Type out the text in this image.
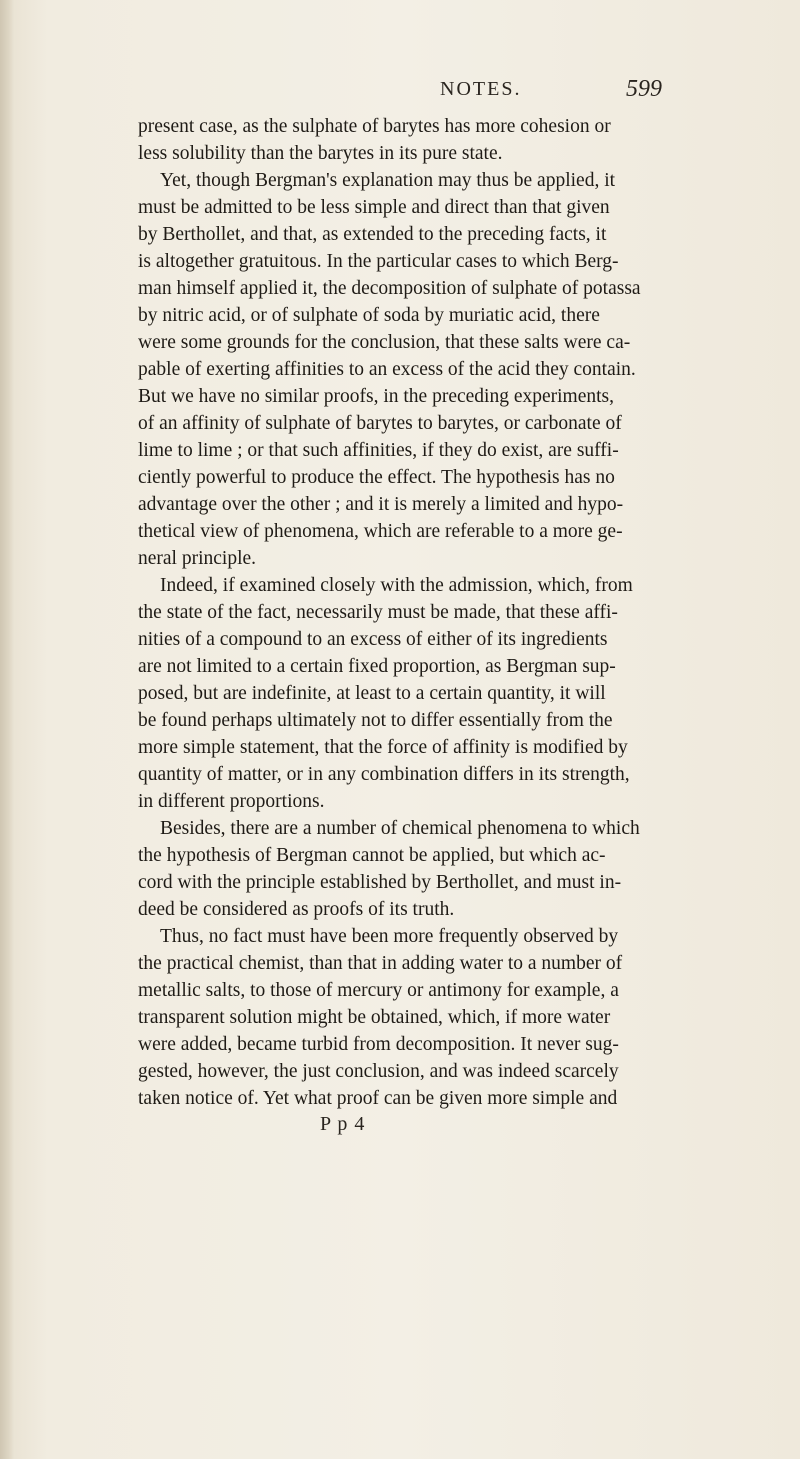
NOTES.	599
present case, as the sulphate of barytes has more cohesion or
less solubility than the barytes in its pure state.
Yet, though Bergman's explanation may thus be applied, it
must be admitted to be less simple and direct than that given
by Berthollet, and that, as extended to the preceding facts, it
is altogether gratuitous. In the particular cases to which Berg-
man himself applied it, the decomposition of sulphate of potassa
by nitric acid, or of sulphate of soda by muriatic acid, there
were some grounds for the conclusion, that these salts were ca-
pable of exerting affinities to an excess of the acid they contain.
But we have no similar proofs, in the preceding experiments,
of an affinity of sulphate of barytes to barytes, or carbonate of
lime to lime ; or that such affinities, if they do exist, are suffi-
ciently powerful to produce the effect. The hypothesis has no
advantage over the other ; and it is merely a limited and hypo-
thetical view of phenomena, which are referable to a more ge-
neral principle.
Indeed, if examined closely with the admission, which, from
the state of the fact, necessarily must be made, that these affi-
nities of a compound to an excess of either of its ingredients
are not limited to a certain fixed proportion, as Bergman sup-
posed, but are indefinite, at least to a certain quantity, it will
be found perhaps ultimately not to differ essentially from the
more simple statement, that the force of affinity is modified by
quantity of matter, or in any combination differs in its strength,
in different proportions.
Besides, there are a number of chemical phenomena to which
the hypothesis of Bergman cannot be applied, but which ac-
cord with the principle established by Berthollet, and must in-
deed be considered as proofs of its truth.
Thus, no fact must have been more frequently observed by
the practical chemist, than that in adding water to a number of
metallic salts, to those of mercury or antimony for example, a
transparent solution might be obtained, which, if more water
were added, became turbid from decomposition. It never sug-
gested, however, the just conclusion, and was indeed scarcely
taken notice of. Yet what proof can be given more simple and
P p 4
